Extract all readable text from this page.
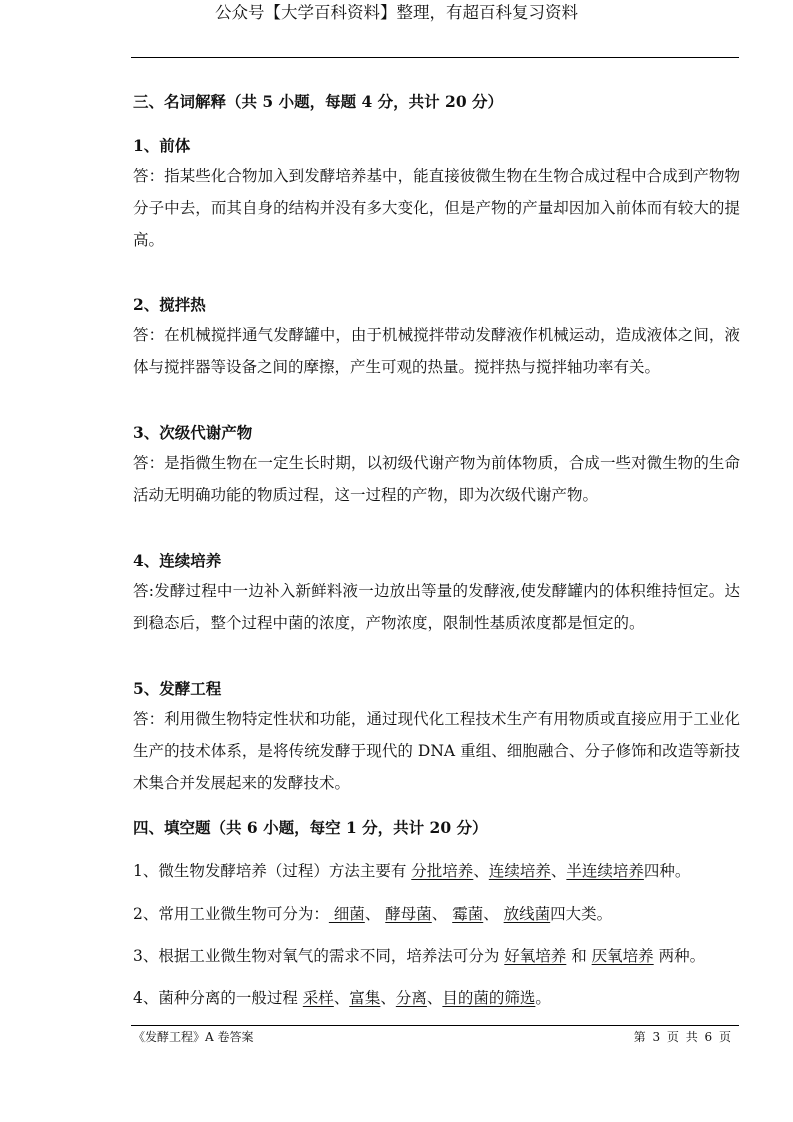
公众号【大学百科资料】整理，有超百科复习资料
三、名词解释（共 5 小题，每题 4 分，共计 20 分）
1、前体
答：指某些化合物加入到发酵培养基中，能直接彼微生物在生物合成过程中合成到产物物分子中去，而其自身的结构并没有多大变化，但是产物的产量却因加入前体而有较大的提高。
2、搅拌热
答：在机械搅拌通气发酵罐中，由于机械搅拌带动发酵液作机械运动，造成液体之间，液体与搅拌器等设备之间的摩擦，产生可观的热量。搅拌热与搅拌轴功率有关。
3、次级代谢产物
答：是指微生物在一定生长时期，以初级代谢产物为前体物质，合成一些对微生物的生命活动无明确功能的物质过程，这一过程的产物，即为次级代谢产物。
4、连续培养
答:发酵过程中一边补入新鲜料液一边放出等量的发酵液,使发酵罐内的体积维持恒定。达到稳态后，整个过程中菌的浓度，产物浓度，限制性基质浓度都是恒定的。
5、发酵工程
答：利用微生物特定性状和功能，通过现代化工程技术生产有用物质或直接应用于工业化生产的技术体系，是将传统发酵于现代的 DNA 重组、细胞融合、分子修饰和改造等新技术集合并发展起来的发酵技术。
四、填空题（共 6 小题，每空 1 分，共计 20 分）
1、微生物发酵培养（过程）方法主要有 分批培养、连续培养、半连续培养四种。
2、常用工业微生物可分为： 细菌、 酵母菌、 霉菌、 放线菌四大类。
3、根据工业微生物对氧气的需求不同，培养法可分为 好氧培养 和 厌氧培养 两种。
4、菌种分离的一般过程 采样、富集、分离、目的菌的筛选。
《发酵工程》A 卷答案	第 3 页 共 6 页
